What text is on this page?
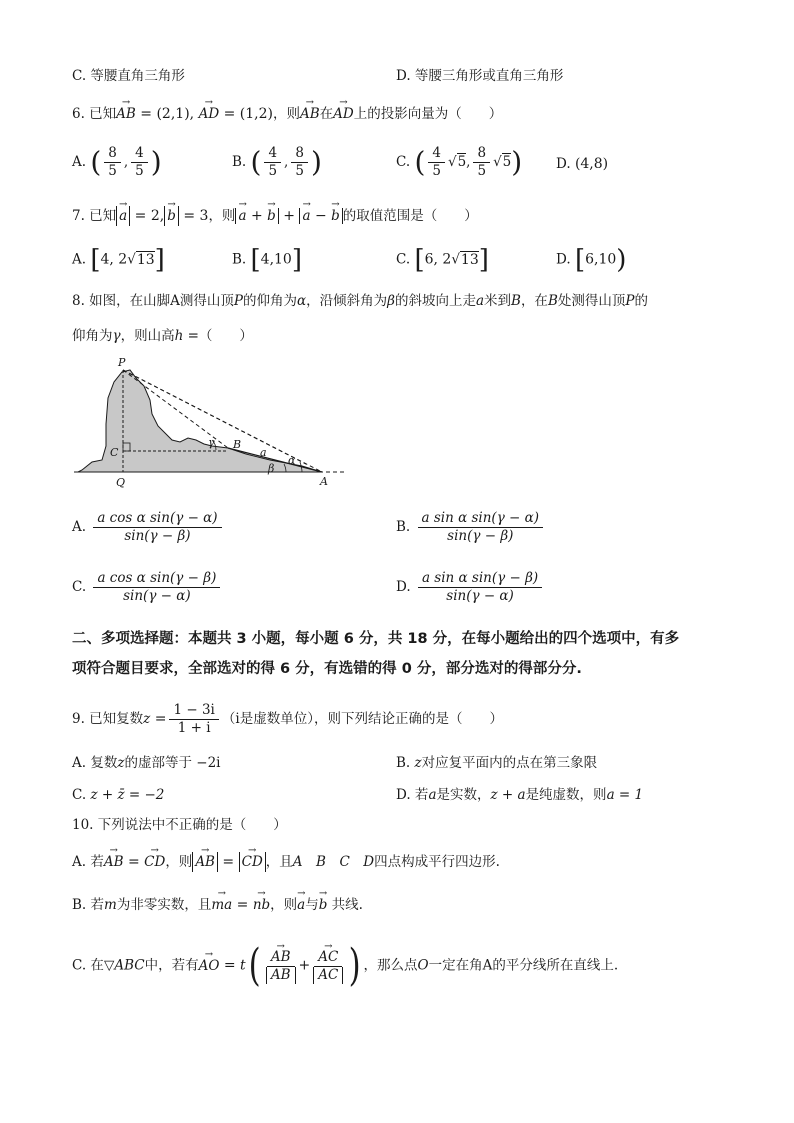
C. 等腰直角三角形	D. 等腰三角形或直角三角形
6. 已知→ AB = (2,1), → AD = (1,2)，则→ AB在→ AD上的投影向量为（　　）
A. ( $\frac{8}{5}$ , $\frac{4}{5}$ )	B. ( $\frac{4}{5}$ , $\frac{8}{5}$ )	C. ( $\frac{4}{5} √5$, $\frac{8}{5} √5$)	D. (4,8)
7. 已知→ a = 2,→ b = 3，则→ a + → b + → a − → b 的取值范围是（　　）
A. [4, 2√13]	B. [4,10]	C. [6, 2√13]	D. [6,10)
8. 如图，在山脚A测得山顶P的仰角为α，沿倾斜角为β的斜坡向上走a米到B，在B处测得山顶P的
仰角为γ，则山高h =（　　）
P
C
Q
B
A
a
α
β
γ
A. $\frac{\text{a cos α sin(γ − α)}}{\sin(\gamma - \beta)}$	B. $\frac{\text{a sin α sin(γ − α)}}{\sin(\gamma - \beta)}$
C. $\frac{\text{a cos α sin(γ − β)}}{\sin(\gamma - \alpha)}$	D. $\frac{\text{a sin α sin(γ − β)}}{\sin(\gamma - \alpha)}$
二、多项选择题：本题共 3 小题，每小题 6 分，共 18 分，在每小题给出的四个选项中，有多
项符合题目要求，全部选对的得 6 分，有选错的得 0 分，部分选对的得部分分.
9. 已知复数$z = \frac{1 - 3i}{1 + i} (i$是虚数单位），则下列结论正确的是（　　）
A. 复数z的虚部等于 −2i	B. z对应复平面内的点在第三象限
C. z + z̄ = −2	D. 若a是实数，z + a是纯虚数，则a = 1
10. 下列说法中不正确的是（　　）
A. 若→ AB = → CD，则→ AB = → CD ，且A　B　C　D四点构成平行四边形.
B. 若m为非零实数，且→ ma = → nb，则→ a与→ b 共线.
C. 在▽ABC中，若有→ AO = t(
→ $\frac{AB}{AB}$ +
→ $\frac{AC}{AC}$ ) ，那么点O一定在角A的平分线所在直线上.
